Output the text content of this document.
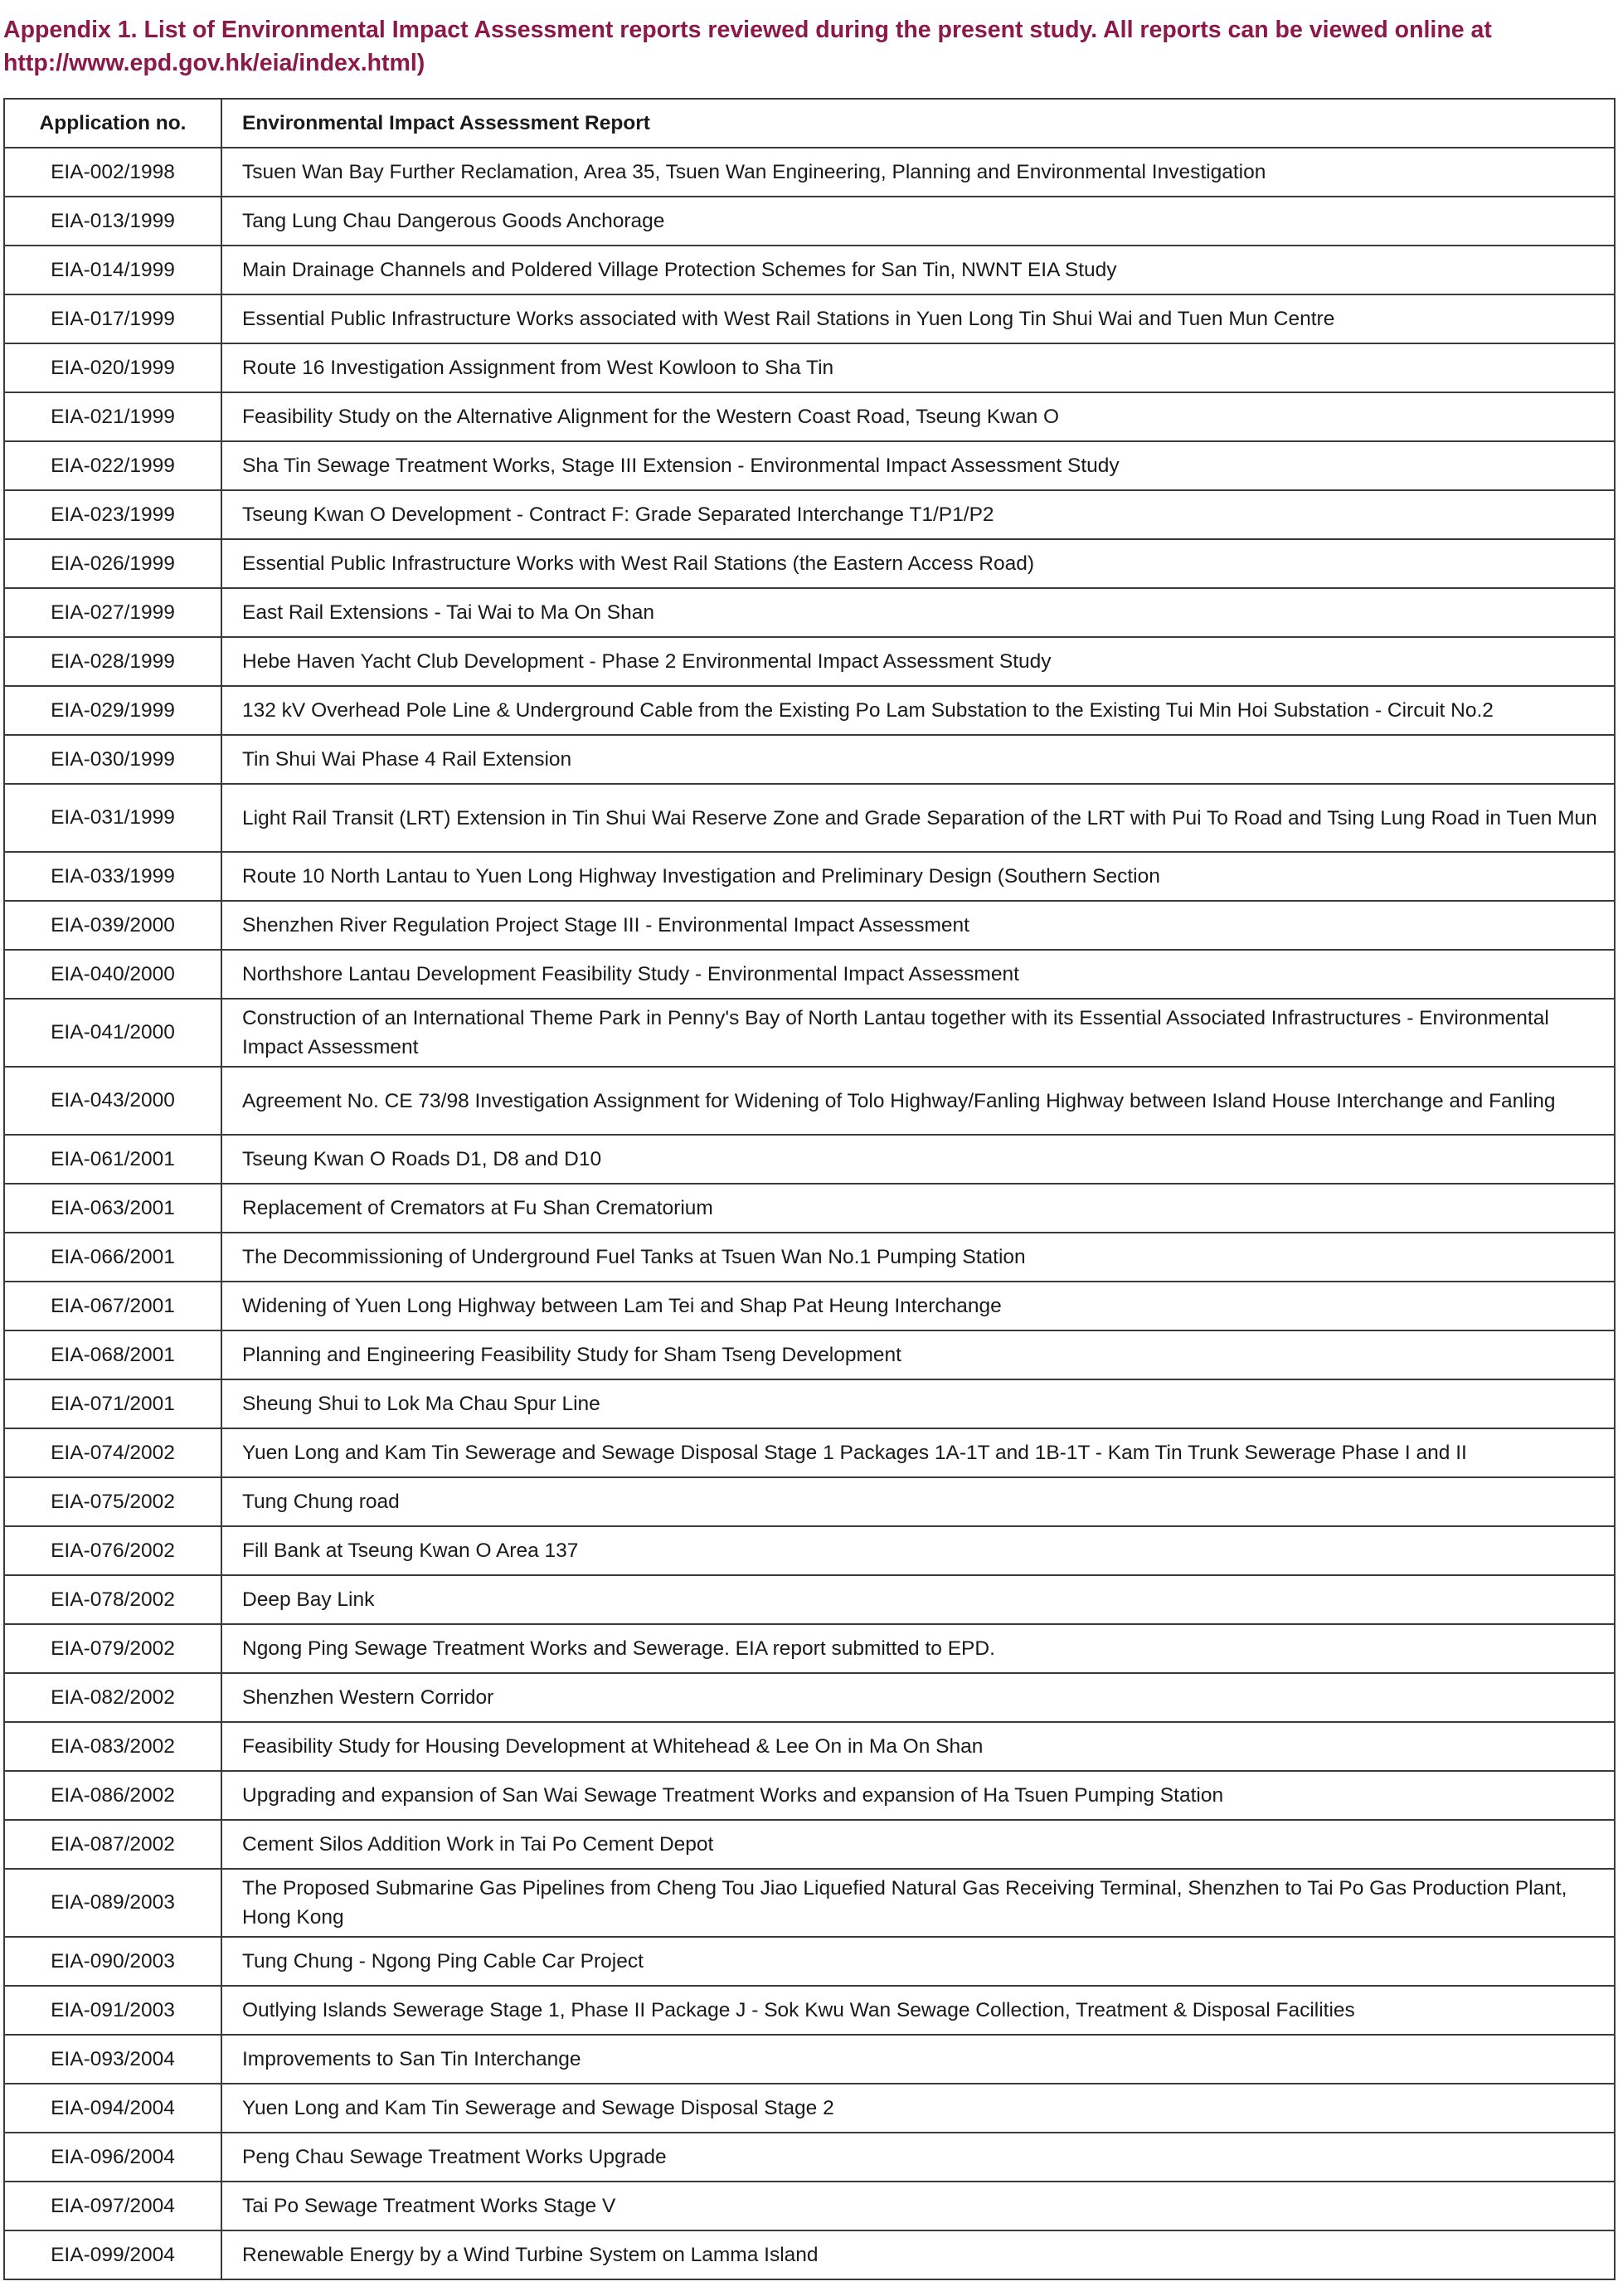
Appendix 1. List of Environmental Impact Assessment reports reviewed during the present study. All reports can be viewed online at http://www.epd.gov.hk/eia/index.html)

Application no.	Environmental Impact Assessment Report
EIA-002/1998	Tsuen Wan Bay Further Reclamation, Area 35, Tsuen Wan Engineering, Planning and Environmental Investigation
EIA-013/1999	Tang Lung Chau Dangerous Goods Anchorage
EIA-014/1999	Main Drainage Channels and Poldered Village Protection Schemes for San Tin, NWNT EIA Study
EIA-017/1999	Essential Public Infrastructure Works associated with West Rail Stations in Yuen Long Tin Shui Wai and Tuen Mun Centre
EIA-020/1999	Route 16 Investigation Assignment from West Kowloon to Sha Tin
EIA-021/1999	Feasibility Study on the Alternative Alignment for the Western Coast Road, Tseung Kwan O
EIA-022/1999	Sha Tin Sewage Treatment Works, Stage III Extension - Environmental Impact Assessment Study
EIA-023/1999	Tseung Kwan O Development - Contract F: Grade Separated Interchange T1/P1/P2
EIA-026/1999	Essential Public Infrastructure Works with West Rail Stations (the Eastern Access Road)
EIA-027/1999	East Rail Extensions - Tai Wai to Ma On Shan
EIA-028/1999	Hebe Haven Yacht Club Development - Phase 2 Environmental Impact Assessment Study
EIA-029/1999	132 kV Overhead Pole Line & Underground Cable from the Existing Po Lam Substation to the Existing Tui Min Hoi Substation - Circuit No.2
EIA-030/1999	Tin Shui Wai Phase 4 Rail Extension
EIA-031/1999	Light Rail Transit (LRT) Extension in Tin Shui Wai Reserve Zone and Grade Separation of the LRT with Pui To Road and Tsing Lung Road in Tuen Mun
EIA-033/1999	Route 10 North Lantau to Yuen Long Highway Investigation and Preliminary Design (Southern Section
EIA-039/2000	Shenzhen River Regulation Project Stage III - Environmental Impact Assessment
EIA-040/2000	Northshore Lantau Development Feasibility Study - Environmental Impact Assessment
EIA-041/2000	Construction of an International Theme Park in Penny's Bay of North Lantau together with its Essential Associated Infrastructures - Environmental Impact Assessment
EIA-043/2000	Agreement No. CE 73/98 Investigation Assignment for Widening of Tolo Highway/Fanling Highway between Island House Interchange and Fanling
EIA-061/2001	Tseung Kwan O Roads D1, D8 and D10
EIA-063/2001	Replacement of Cremators at Fu Shan Crematorium
EIA-066/2001	The Decommissioning of Underground Fuel Tanks at Tsuen Wan No.1 Pumping Station
EIA-067/2001	Widening of Yuen Long Highway between Lam Tei and Shap Pat Heung Interchange
EIA-068/2001	Planning and Engineering Feasibility Study for Sham Tseng Development
EIA-071/2001	Sheung Shui to Lok Ma Chau Spur Line
EIA-074/2002	Yuen Long and Kam Tin Sewerage and Sewage Disposal Stage 1 Packages 1A-1T and 1B-1T - Kam Tin Trunk Sewerage Phase I and II
EIA-075/2002	Tung Chung road
EIA-076/2002	Fill Bank at Tseung Kwan O Area 137
EIA-078/2002	Deep Bay Link
EIA-079/2002	Ngong Ping Sewage Treatment Works and Sewerage. EIA report submitted to EPD.
EIA-082/2002	Shenzhen Western Corridor
EIA-083/2002	Feasibility Study for Housing Development at Whitehead & Lee On in Ma On Shan
EIA-086/2002	Upgrading and expansion of San Wai Sewage Treatment Works and expansion of Ha Tsuen Pumping Station
EIA-087/2002	Cement Silos Addition Work in Tai Po Cement Depot
EIA-089/2003	The Proposed Submarine Gas Pipelines from Cheng Tou Jiao Liquefied Natural Gas Receiving Terminal, Shenzhen to Tai Po Gas Production Plant, Hong Kong
EIA-090/2003	Tung Chung - Ngong Ping Cable Car Project
EIA-091/2003	Outlying Islands Sewerage Stage 1, Phase II Package J - Sok Kwu Wan Sewage Collection, Treatment & Disposal Facilities
EIA-093/2004	Improvements to San Tin Interchange
EIA-094/2004	Yuen Long and Kam Tin Sewerage and Sewage Disposal Stage 2
EIA-096/2004	Peng Chau Sewage Treatment Works Upgrade
EIA-097/2004	Tai Po Sewage Treatment Works Stage V
EIA-099/2004	Renewable Energy by a Wind Turbine System on Lamma Island
